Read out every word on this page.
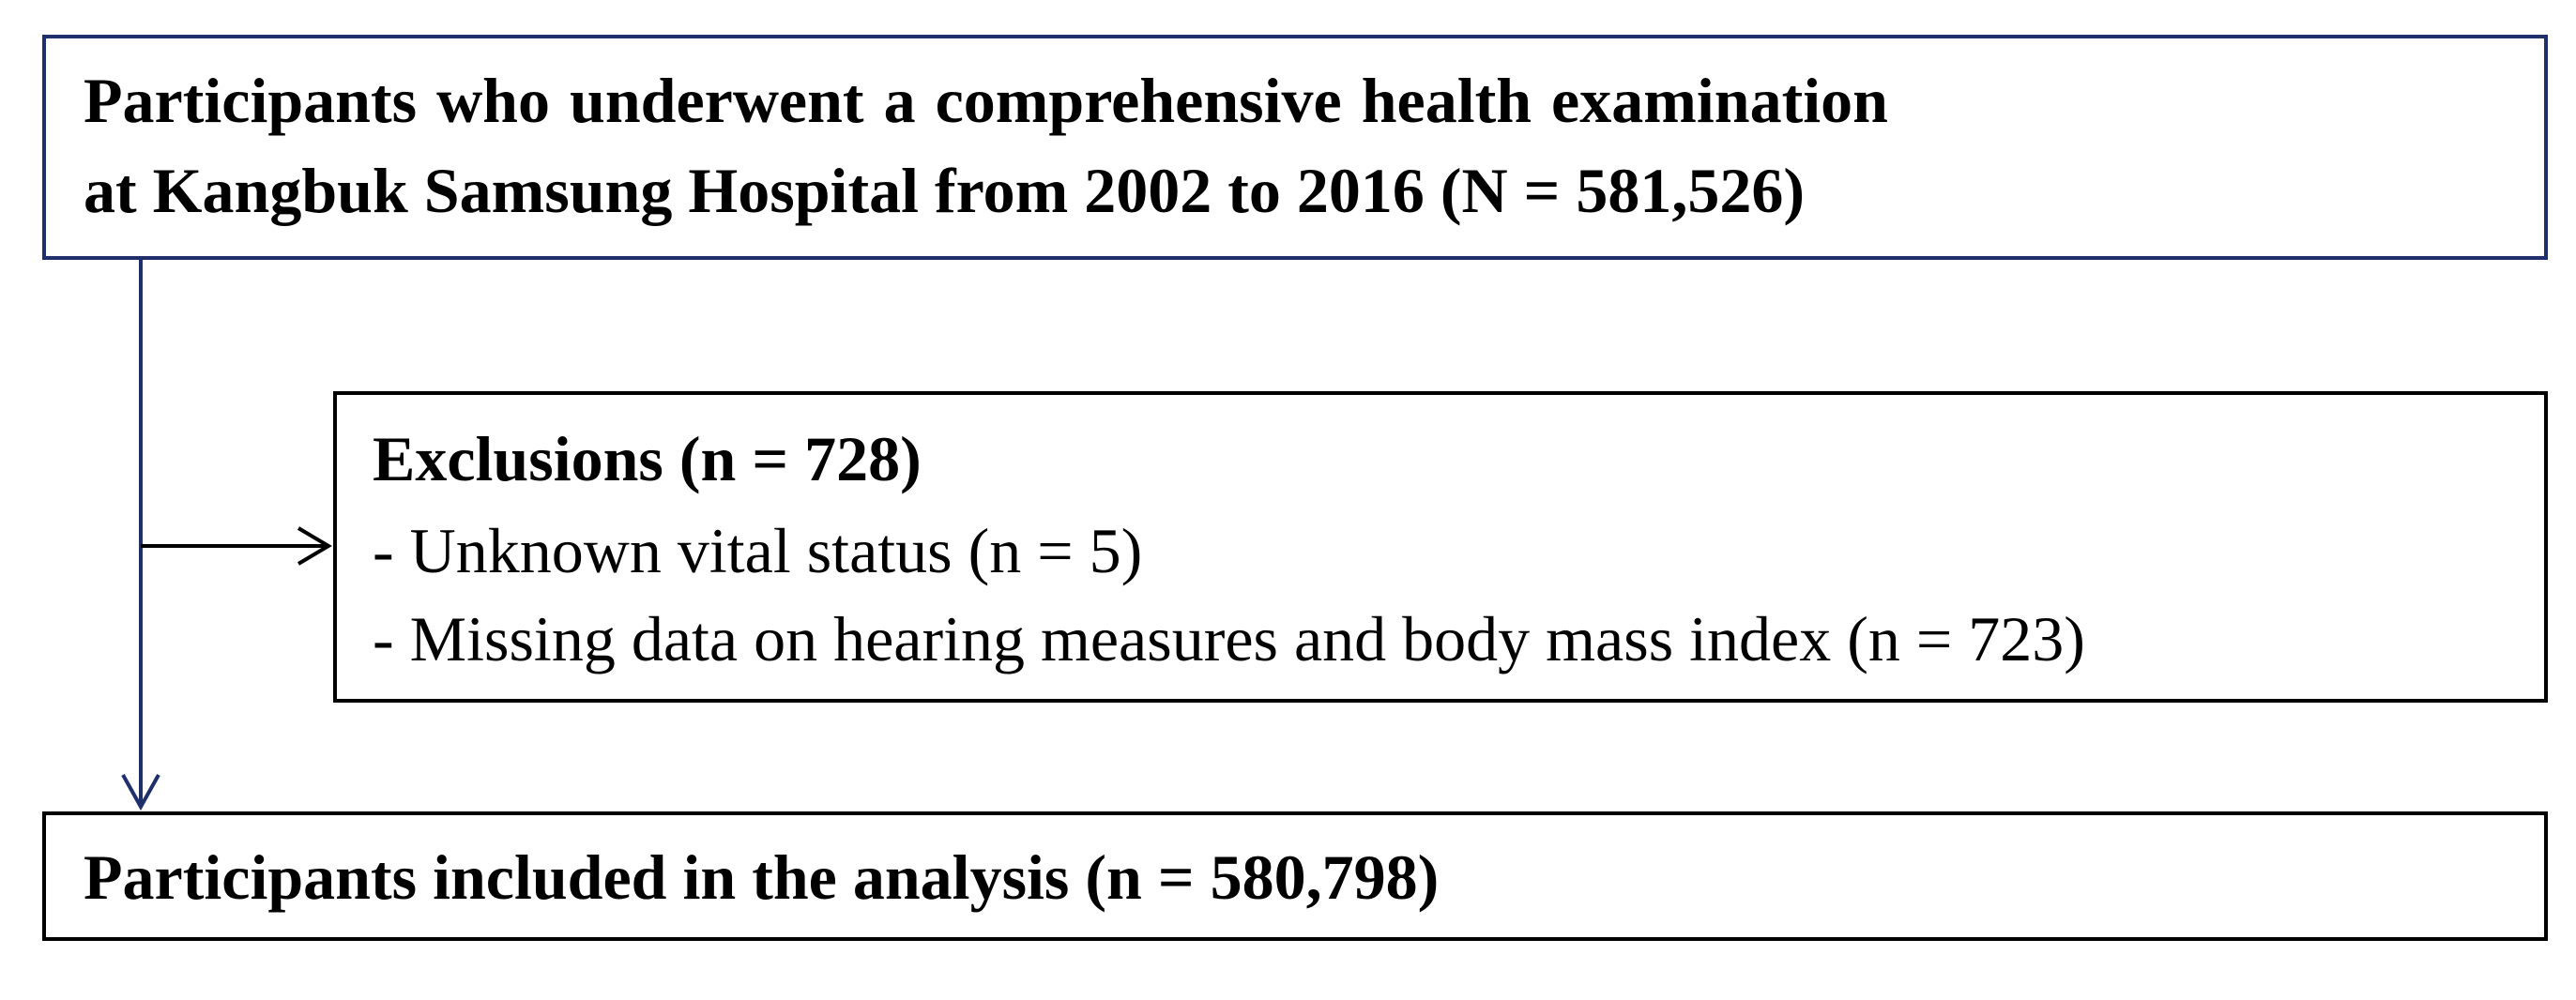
Participants who underwent a comprehensive health examination
at Kangbuk Samsung Hospital from 2002 to 2016 (N = 581,526)
Exclusions (n = 728)
- Unknown vital status (n = 5)
- Missing data on hearing measures and body mass index (n = 723)
Participants included in the analysis (n = 580,798)
